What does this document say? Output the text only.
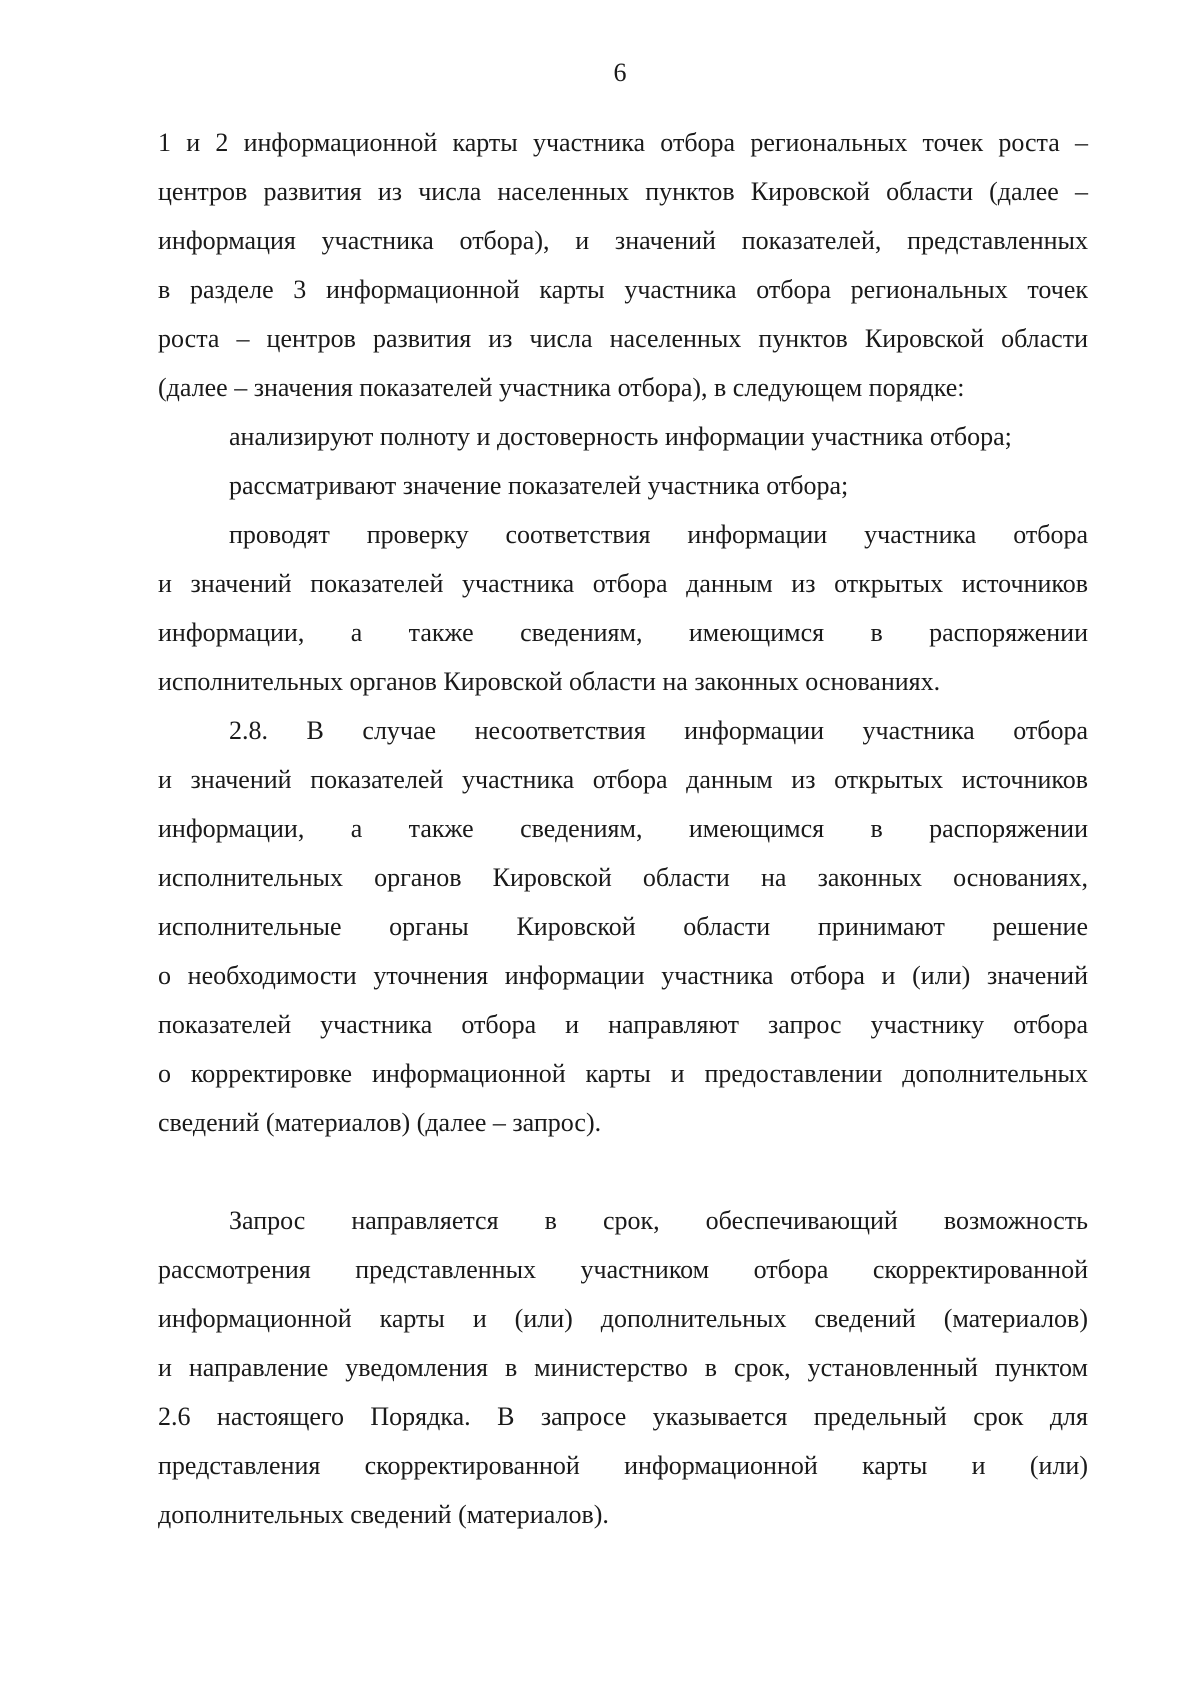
6
1 и 2 информационной карты участника отбора региональных точек роста –
центров развития из числа населенных пунктов Кировской области (далее –
информация участника отбора), и значений показателей, представленных
в разделе 3 информационной карты участника отбора региональных точек
роста – центров развития из числа населенных пунктов Кировской области
(далее – значения показателей участника отбора), в следующем порядке:
анализируют полноту и достоверность информации участника отбора;
рассматривают значение показателей участника отбора;
проводят проверку соответствия информации участника отбора
и значений показателей участника отбора данным из открытых источников
информации, а также сведениям, имеющимся в распоряжении
исполнительных органов Кировской области на законных основаниях.
2.8. В случае несоответствия информации участника отбора
и значений показателей участника отбора данным из открытых источников
информации, а также сведениям, имеющимся в распоряжении
исполнительных органов Кировской области на законных основаниях,
исполнительные органы Кировской области принимают решение
о необходимости уточнения информации участника отбора и (или) значений
показателей участника отбора и направляют запрос участнику отбора
о корректировке информационной карты и предоставлении дополнительных
сведений (материалов) (далее – запрос).
Запрос направляется в срок, обеспечивающий возможность
рассмотрения представленных участником отбора скорректированной
информационной карты и (или) дополнительных сведений (материалов)
и направление уведомления в министерство в срок, установленный пунктом
2.6 настоящего Порядка. В запросе указывается предельный срок для
представления скорректированной информационной карты и (или)
дополнительных сведений (материалов).
